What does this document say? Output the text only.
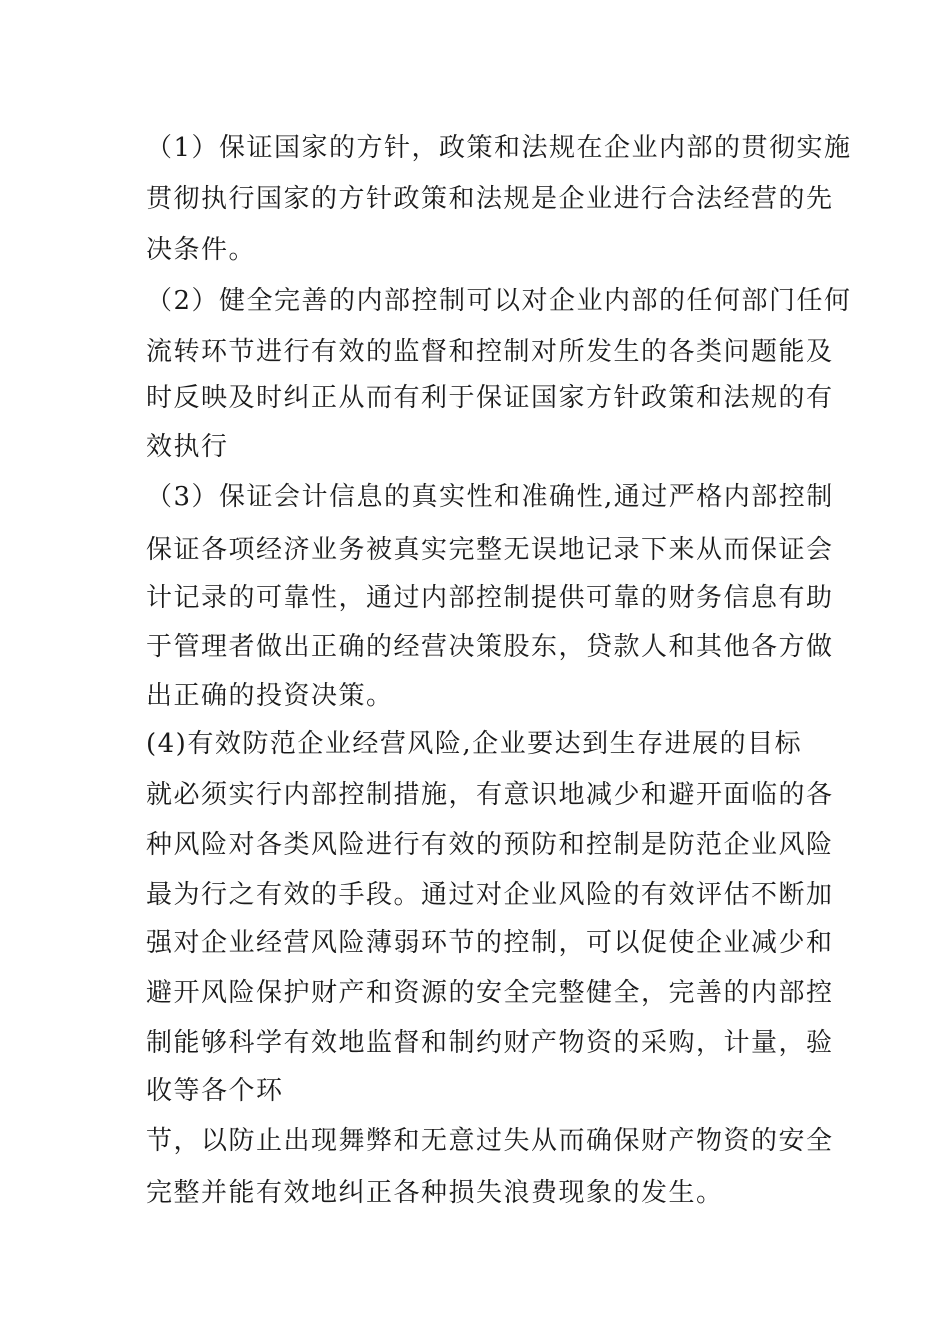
（1）保证国家的方针，政策和法规在企业内部的贯彻实施
贯彻执行国家的方针政策和法规是企业进行合法经营的先
决条件。
（2）健全完善的内部控制可以对企业内部的任何部门任何
流转环节进行有效的监督和控制对所发生的各类问题能及
时反映及时纠正从而有利于保证国家方针政策和法规的有
效执行
（3）保证会计信息的真实性和准确性,通过严格内部控制
保证各项经济业务被真实完整无误地记录下来从而保证会
计记录的可靠性，通过内部控制提供可靠的财务信息有助
于管理者做出正确的经营决策股东，贷款人和其他各方做
出正确的投资决策。
(4)有效防范企业经营风险,企业要达到生存进展的目标
就必须实行内部控制措施，有意识地减少和避开面临的各
种风险对各类风险进行有效的预防和控制是防范企业风险
最为行之有效的手段。通过对企业风险的有效评估不断加
强对企业经营风险薄弱环节的控制，可以促使企业减少和
避开风险保护财产和资源的安全完整健全，完善的内部控
制能够科学有效地监督和制约财产物资的采购，计量，验
收等各个环
节，以防止出现舞弊和无意过失从而确保财产物资的安全
完整并能有效地纠正各种损失浪费现象的发生。
